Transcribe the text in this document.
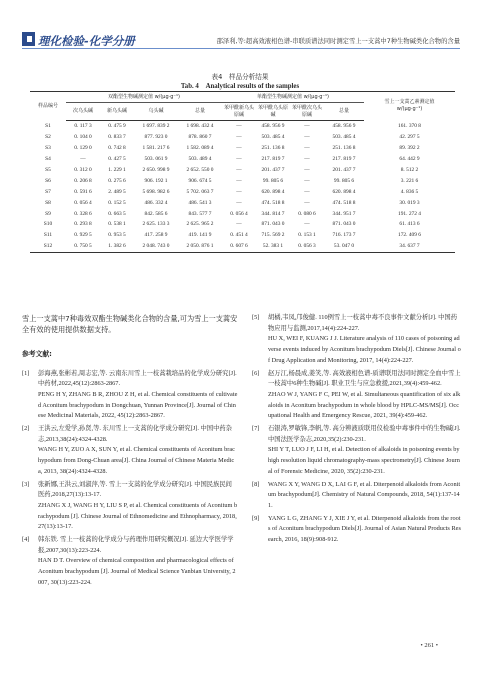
理化检验-化学分册	邵泽利,等:超高效液相色谱-串联质谱法同时测定雪上一支蒿中7种生物碱类化合物的含量
表4　样品分析结果
Tab. 4　Analytical results of the samples
样品编号	双酯型生物碱测定值 w/(μg·g⁻¹)				单酯型生物碱测定值 w/(μg·g⁻¹)				雪上一支蒿乙素测定值 w/(μg·g⁻¹)
	次乌头碱	新乌头碱	乌头碱	总量	苯甲酰新乌头原碱	苯甲酰乌头原碱	苯甲酰次乌头原碱	总量	
S1	0. 117 3	0. 475 9	1 697. 839 2	1 698. 432 4	—	458. 956 9	—	458. 956 9	161. 370 8
S2	0. 104 0	0. 833 7	877. 923 0	878. 860 7	—	503. 485 4	—	503. 485 4	42. 297 5
S3	0. 129 0	0. 742 8	1 581. 217 6	1 582. 089 4	—	251. 136 8	—	251. 136 8	89. 392 2
S4	—	0. 427 5	503. 061 9	503. 489 4	—	217. 819 7	—	217. 819 7	64. 442 9
S5	0. 312 0	1. 229 1	2 650. 998 9	2 652. 550 0	—	201. 437 7	—	201. 437 7	8. 512 2
S6	0. 206 8	0. 275 6	906. 192 1	906. 674 5	—	99. 805 6	—	99. 805 6	3. 221 6
S7	0. 591 6	2. 489 5	5 698. 982 6	5 702. 063 7	—	620. 898 4	—	620. 898 4	4. 836 5
S8	0. 056 4	0. 152 5	486. 332 4	486. 541 3	—	474. 518 8	—	474. 518 8	30. 019 3
S9	0. 328 6	0. 663 5	842. 585 6	843. 577 7	0. 056 4	344. 814 7	0. 080 6	344. 951 7	191. 272 4
S10	0. 293 8	0. 538 1	2 625. 133 3	2 625. 965 2	—	871. 043 0	—	871. 043 0	61. 413 6
S11	0. 929 5	0. 953 5	417. 258 9	419. 141 9	0. 451 4	715. 569 2	0. 153 1	716. 173 7	172. 409 6
S12	0. 750 5	1. 382 6	2 048. 743 0	2 050. 876 1	0. 607 6	52. 383 1	0. 056 3	53. 047 0	34. 637 7

雪上一支蒿中7种毒效双酯生物碱类化合物的含量,可为雪上一支蒿安全有效的使用提供数据支持。

参考文献:
[1]	彭海燕,张彬若,周志宏,等. 云南东川雪上一枝蒿栽培品的化学成分研究[J]. 中药材,2022,45(12):2863-2867.
PENG H Y, ZHANG B R, ZHOU Z H, et al. Chemical constituents of cultivated Aconitum brachypodum in Dongchuan, Yunnan Province[J]. Journal of Chinese Medicinal Materials, 2022, 45(12):2863-2867.
[2]	王洪云,左爱学,孙贤,等. 东川雪上一支蒿的化学成分研究[J]. 中国中药杂志,2013,38(24):4324-4328.
WANG H Y, ZUO A X, SUN Y, et al. Chemical constituents of Aconitum brachypodum from Dong-Chuan area[J]. China Journal of Chinese Materia Medica, 2013, 38(24):4324-4328.
[3]	张新娜,王洪云,刘淑萍,等. 雪上一支蒿的化学成分研究[J]. 中国民族民间医药,2018,27(13):13-17.
ZHANG X J, WANG H Y, LIU S P, et al. Chemical constituents of Aconitum brachypodum [J]. Chinese Journal of Ethnomedicine and Ethnopharmacy, 2018, 27(13):13-17.
[4]	韩东铁. 雪上一枝蒿的化学成分与药理作用研究概况[J]. 延边大学医学学报,2007,30(13):223-224.
HAN D T. Overview of chemical composition and pharmacological effects of Aconitum brachypodum [J]. Journal of Medical Science Yanbian University, 2007, 30(13):223-224.
[5]	胡橘,韦凤,邝俊健. 110例雪上一枝蒿中毒不良事件文献分析[J]. 中国药物应用与监测,2017,14(4):224-227.
HU X, WEI F, KUANG J J. Literature analysis of 110 cases of poisoning adverse events induced by Aconitum brachypodum Diels[J]. Chinese Journal of Drug Application and Monitoring, 2017, 14(4):224-227.
[6]	赵万江,杨晨成,姜笑,等. 高效液相色谱-质谱联用法同时测定全血中雪上一枝蒿中6种生物碱[J]. 职业卫生与应急救援,2021,39(4):459-462.
ZHAO W J, YANG F C, PEI W, et al. Simultaneous quantification of six alkaloids in Aconitum brachypodum in whole blood by HPLC-MS/MS[J]. Occupational Health and Emergency Rescue, 2021, 39(4):459-462.
[7]	石银涛,罗敏锋,李帆,等. 高分辨液质联用仪检验中毒事件中的生物碱[J]. 中国法医学杂志,2020,35(2):230-231.
SHI Y T, LUO J F, LI H, et al. Detection of alkaloids in poisoning events by high resolution liquid chromatography-mass spectrometry[J]. Chinese Journal of Forensic Medicine, 2020, 35(2):230-231.
[8]	WANG X Y, WANG D X, LAI G F, et al. Diterpenoid alkaloids from Aconitum brachypodum[J]. Chemistry of Natural Compounds, 2018, 54(1):137-141.
[9]	YANG L G, ZHANG Y J, XIE J Y, et al. Diterpenoid alkaloids from the roots of Aconitum brachypodum Diels[J]. Journal of Asian Natural Products Research, 2016, 18(9):908-912.
• 261 •
